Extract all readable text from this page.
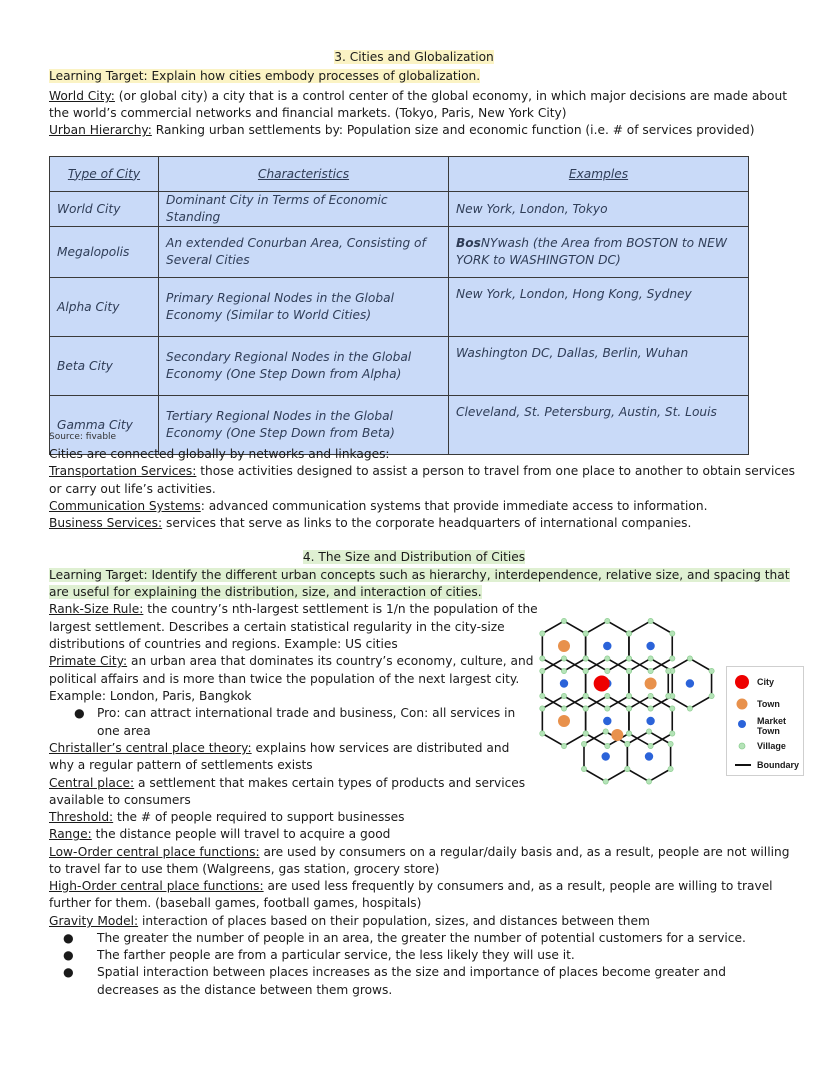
3. Cities and Globalization
Learning Target: Explain how cities embody processes of globalization.
World City: (or global city) a city that is a control center of the global economy, in which major decisions are made about
the world’s commercial networks and financial markets. (Tokyo, Paris, New York City)
Urban Hierarchy: Ranking urban settlements by: Population size and economic function (i.e. # of services provided)
Type of City	Characteristics	Examples
World City	Dominant City in Terms of Economic Standing	New York, London, Tokyo
Megalopolis	An extended Conurban Area, Consisting of Several Cities	BosNYwash (the Area from BOSTON to NEW YORK to WASHINGTON DC)
Alpha City	Primary Regional Nodes in the Global Economy (Similar to World Cities)	New York, London, Hong Kong, Sydney
Beta City	Secondary Regional Nodes in the Global Economy (One Step Down from Alpha)	Washington DC, Dallas, Berlin, Wuhan
Gamma City	Tertiary Regional Nodes in the Global Economy (One Step Down from Beta)	Cleveland, St. Petersburg, Austin, St. Louis
Source: fivable
Cities are connected globally by networks and linkages:
Transportation Services: those activities designed to assist a person to travel from one place to another to obtain services
or carry out life’s activities.
Communication Systems: advanced communication systems that provide immediate access to information.
Business Services: services that serve as links to the corporate headquarters of international companies.
4. The Size and Distribution of Cities
Learning Target: Identify the different urban concepts such as hierarchy, interdependence, relative size, and spacing that
are useful for explaining the distribution, size, and interaction of cities.
Rank-Size Rule: the country’s nth-largest settlement is 1/n the population of the
largest settlement. Describes a certain statistical regularity in the city-size
distributions of countries and regions. Example: US cities
Primate City: an urban area that dominates its country’s economy, culture, and
political affairs and is more than twice the population of the next largest city.
Example: London, Paris, Bangkok
● Pro: can attract international trade and business, Con: all services in
one area
Christaller’s central place theory: explains how services are distributed and
why a regular pattern of settlements exists
Central place: a settlement that makes certain types of products and services
available to consumers
Threshold: the # of people required to support businesses
Range: the distance people will travel to acquire a good
Low-Order central place functions: are used by consumers on a regular/daily basis and, as a result, people are not willing
to travel far to use them (Walgreens, gas station, grocery store)
High-Order central place functions: are used less frequently by consumers and, as a result, people are willing to travel
further for them. (baseball games, football games, hospitals)
Gravity Model: interaction of places based on their population, sizes, and distances between them
● The greater the number of people in an area, the greater the number of potential customers for a service.
● The farther people are from a particular service, the less likely they will use it.
● Spatial interaction between places increases as the size and importance of places become greater and
decreases as the distance between them grows.
City
Town
Market Town
Village
Boundary
